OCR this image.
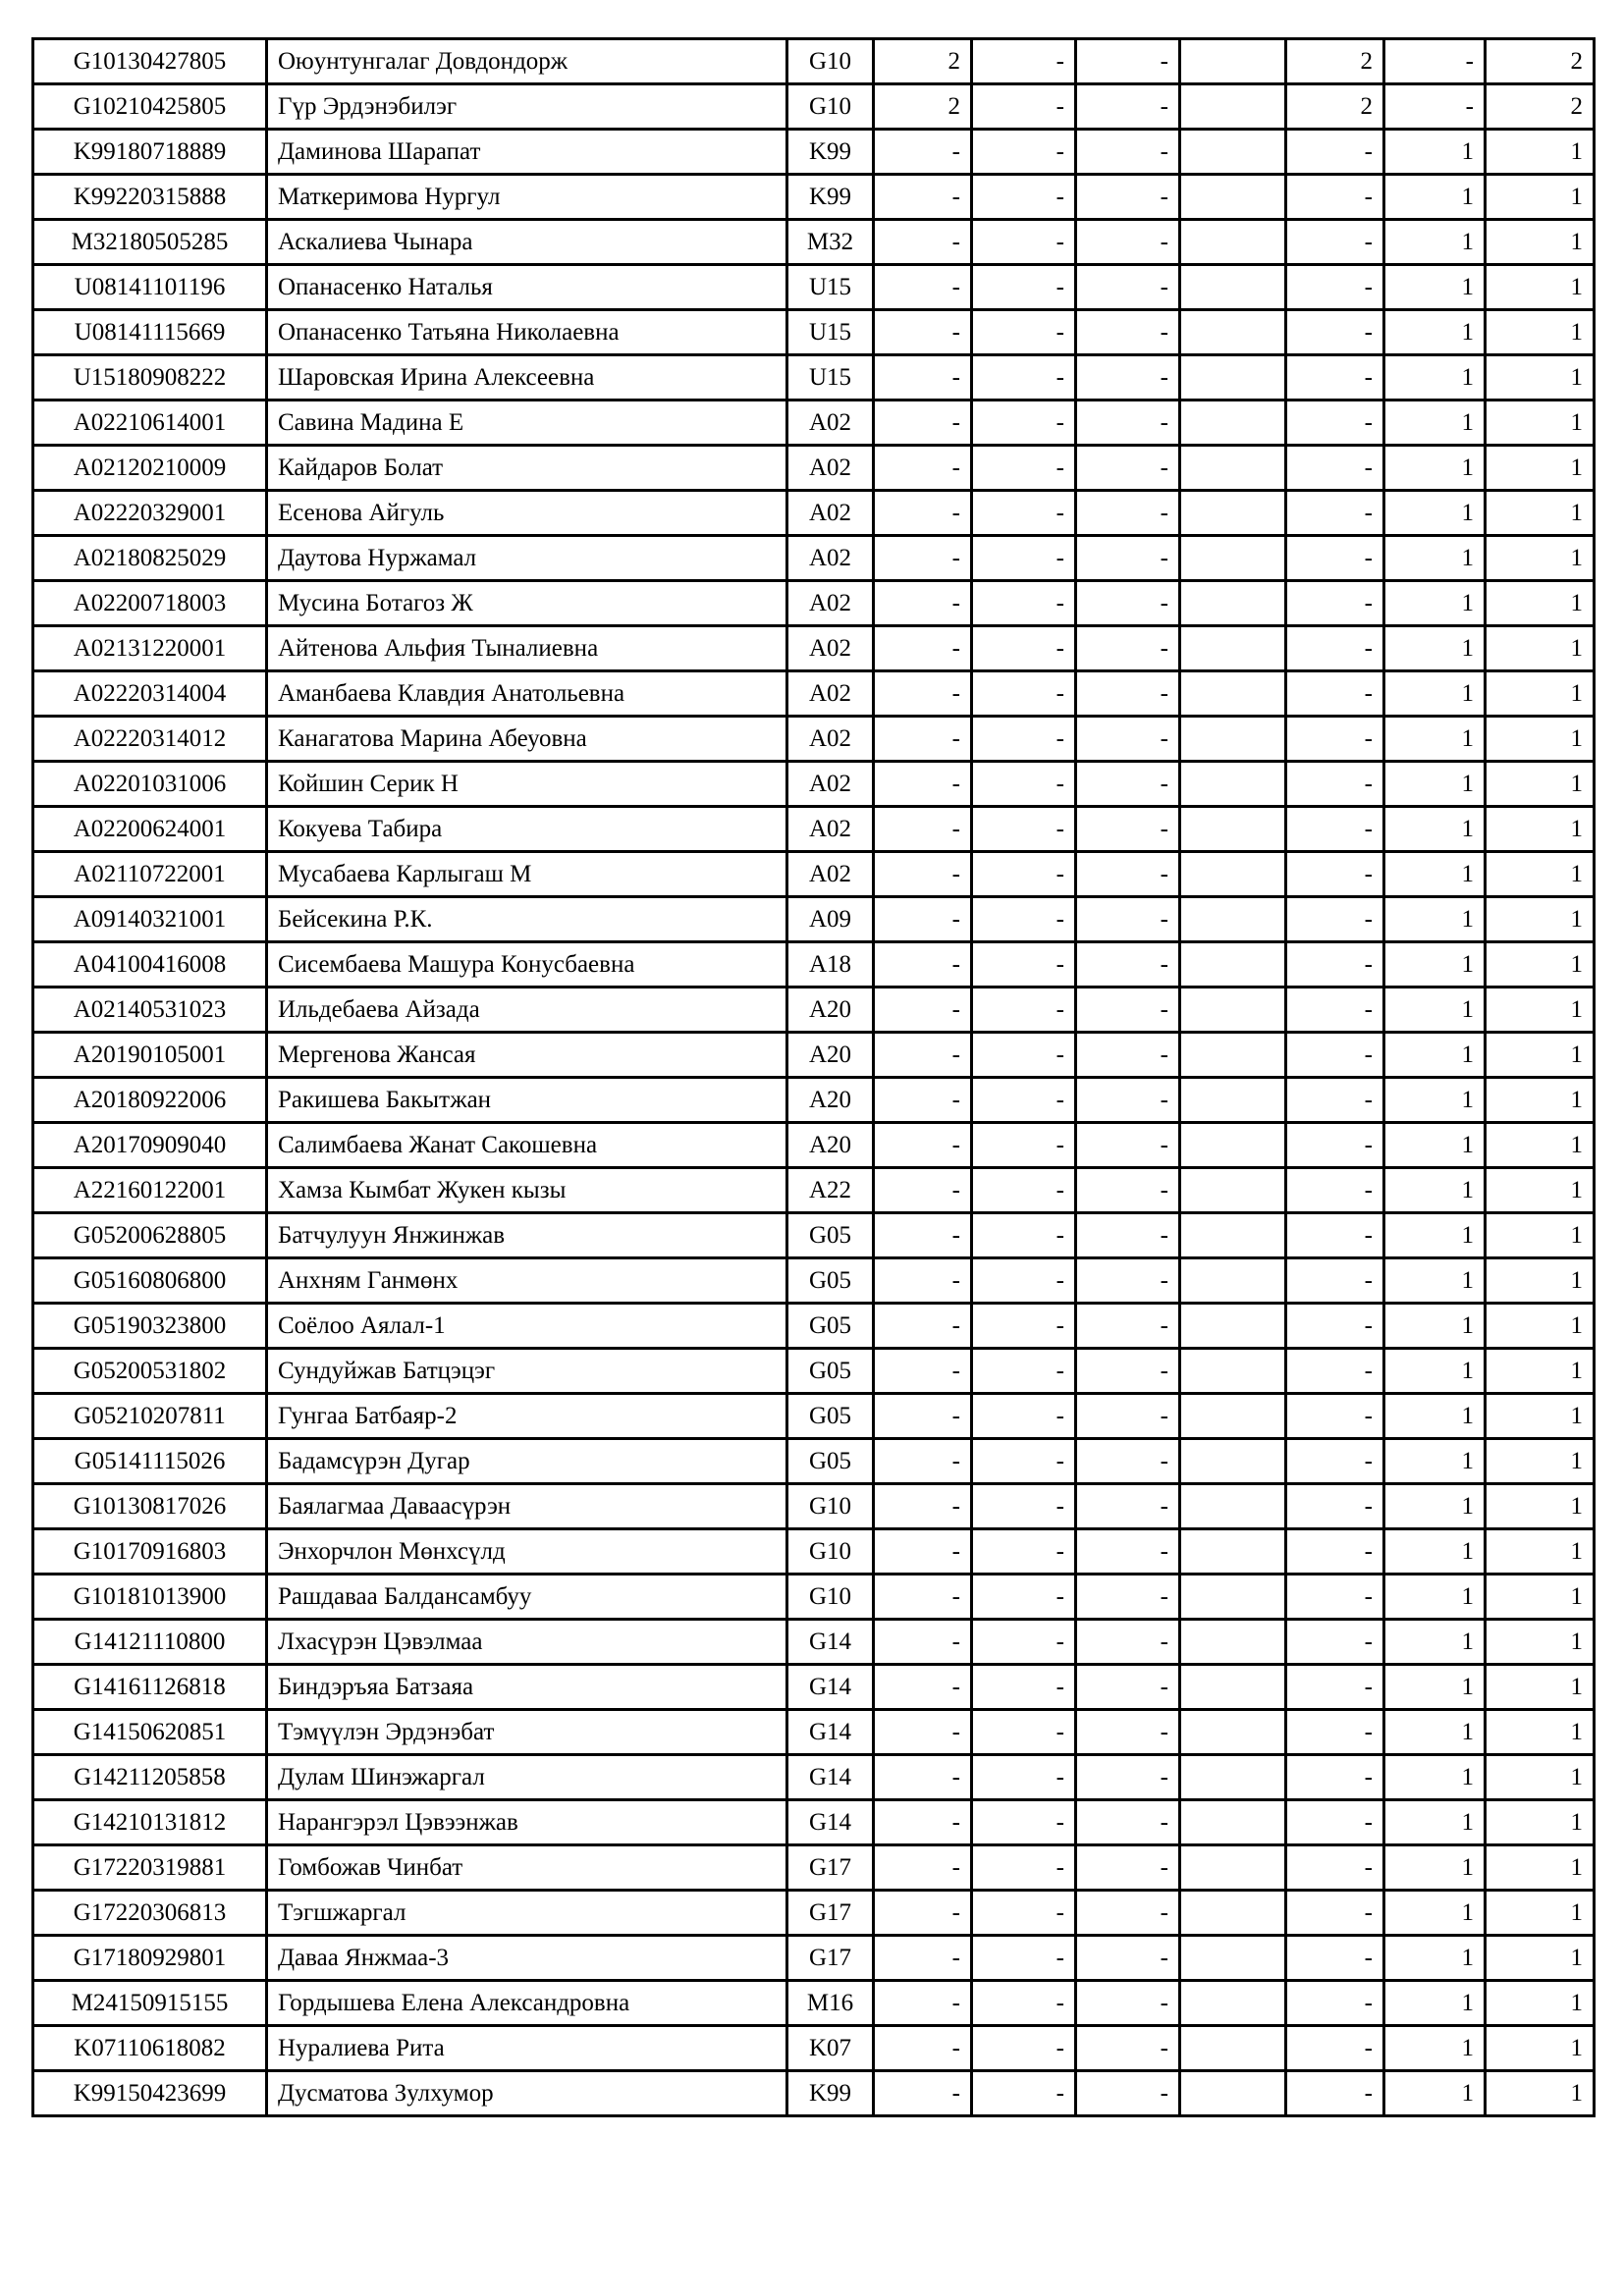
G10130427805	Оюунтунгалаг Довдондорж	G10	2	-	-		2	-	2
G10210425805	Гүр Эрдэнэбилэг	G10	2	-	-		2	-	2
K99180718889	Даминова Шарапат	K99	-	-	-		-	1	1
K99220315888	Маткеримова Нургул	K99	-	-	-		-	1	1
M32180505285	Аскалиева Чынара	M32	-	-	-		-	1	1
U08141101196	Опанасенко Наталья	U15	-	-	-		-	1	1
U08141115669	Опанасенко Татьяна Николаевна	U15	-	-	-		-	1	1
U15180908222	Шаровская Ирина Алексеевна	U15	-	-	-		-	1	1
A02210614001	Савина Мадина Е	A02	-	-	-		-	1	1
A02120210009	Кайдаров Болат	A02	-	-	-		-	1	1
A02220329001	Есенова Айгуль	A02	-	-	-		-	1	1
A02180825029	Даутова Нуржамал	A02	-	-	-		-	1	1
A02200718003	Мусина Ботагоз Ж	A02	-	-	-		-	1	1
A02131220001	Айтенова Альфия Тыналиевна	A02	-	-	-		-	1	1
A02220314004	Аманбаева Клавдия Анатольевна	A02	-	-	-		-	1	1
A02220314012	Канагатова Марина Абеуовна	A02	-	-	-		-	1	1
A02201031006	Койшин Серик Н	A02	-	-	-		-	1	1
A02200624001	Кокуева Табира	A02	-	-	-		-	1	1
A02110722001	Мусабаева Карлыгаш М	A02	-	-	-		-	1	1
A09140321001	Бейсекина Р.К.	A09	-	-	-		-	1	1
A04100416008	Сисембаева Машура Конусбаевна	A18	-	-	-		-	1	1
A02140531023	Ильдебаева Айзада	A20	-	-	-		-	1	1
A20190105001	Мергенова Жансая	A20	-	-	-		-	1	1
A20180922006	Ракишева Бакытжан	A20	-	-	-		-	1	1
A20170909040	Салимбаева Жанат Сакошевна	A20	-	-	-		-	1	1
A22160122001	Хамза Кымбат Жукен кызы	A22	-	-	-		-	1	1
G05200628805	Батчулуун Янжинжав	G05	-	-	-		-	1	1
G05160806800	Анхням Ганмөнх	G05	-	-	-		-	1	1
G05190323800	Соёлоо Аялал-1	G05	-	-	-		-	1	1
G05200531802	Сундуйжав Батцэцэг	G05	-	-	-		-	1	1
G05210207811	Гунгаа Батбаяр-2	G05	-	-	-		-	1	1
G05141115026	Бадамсүрэн Дугар	G05	-	-	-		-	1	1
G10130817026	Баялагмаа Даваасүрэн	G10	-	-	-		-	1	1
G10170916803	Энхорчлон Мөнхсүлд	G10	-	-	-		-	1	1
G10181013900	Рашдаваа Балдансамбуу	G10	-	-	-		-	1	1
G14121110800	Лхасүрэн Цэвэлмаа	G14	-	-	-		-	1	1
G14161126818	Биндэръяа Батзаяа	G14	-	-	-		-	1	1
G14150620851	Тэмүүлэн Эрдэнэбат	G14	-	-	-		-	1	1
G14211205858	Дулам Шинэжаргал	G14	-	-	-		-	1	1
G14210131812	Нарангэрэл Цэвээнжав	G14	-	-	-		-	1	1
G17220319881	Гомбожав Чинбат	G17	-	-	-		-	1	1
G17220306813	Тэгшжаргал	G17	-	-	-		-	1	1
G17180929801	Даваа Янжмаа-3	G17	-	-	-		-	1	1
M24150915155	Гордышева Елена Александровна	M16	-	-	-		-	1	1
K07110618082	Нуралиева Рита	K07	-	-	-		-	1	1
K99150423699	Дусматова Зулхумор	K99	-	-	-		-	1	1
